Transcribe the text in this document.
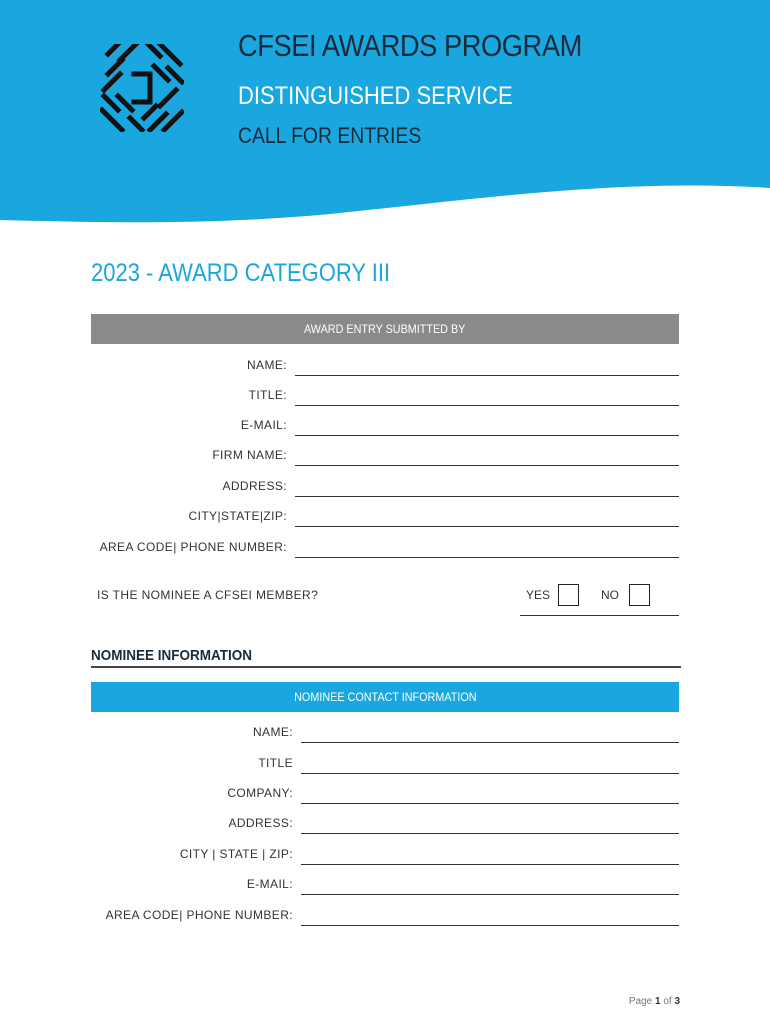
CFSEI AWARDS PROGRAM
DISTINGUISHED SERVICE
CALL FOR ENTRIES
2023 - AWARD CATEGORY III
AWARD ENTRY SUBMITTED BY
NAME:
TITLE:
E-MAIL:
FIRM NAME:
ADDRESS:
CITY|STATE|ZIP:
AREA CODE| PHONE NUMBER:
IS THE NOMINEE A CFSEI MEMBER?	YES	NO
NOMINEE INFORMATION
NOMINEE CONTACT INFORMATION
NAME:
TITLE
COMPANY:
ADDRESS:
CITY | STATE | ZIP:
E-MAIL:
AREA CODE| PHONE NUMBER:
Page 1 of 3
